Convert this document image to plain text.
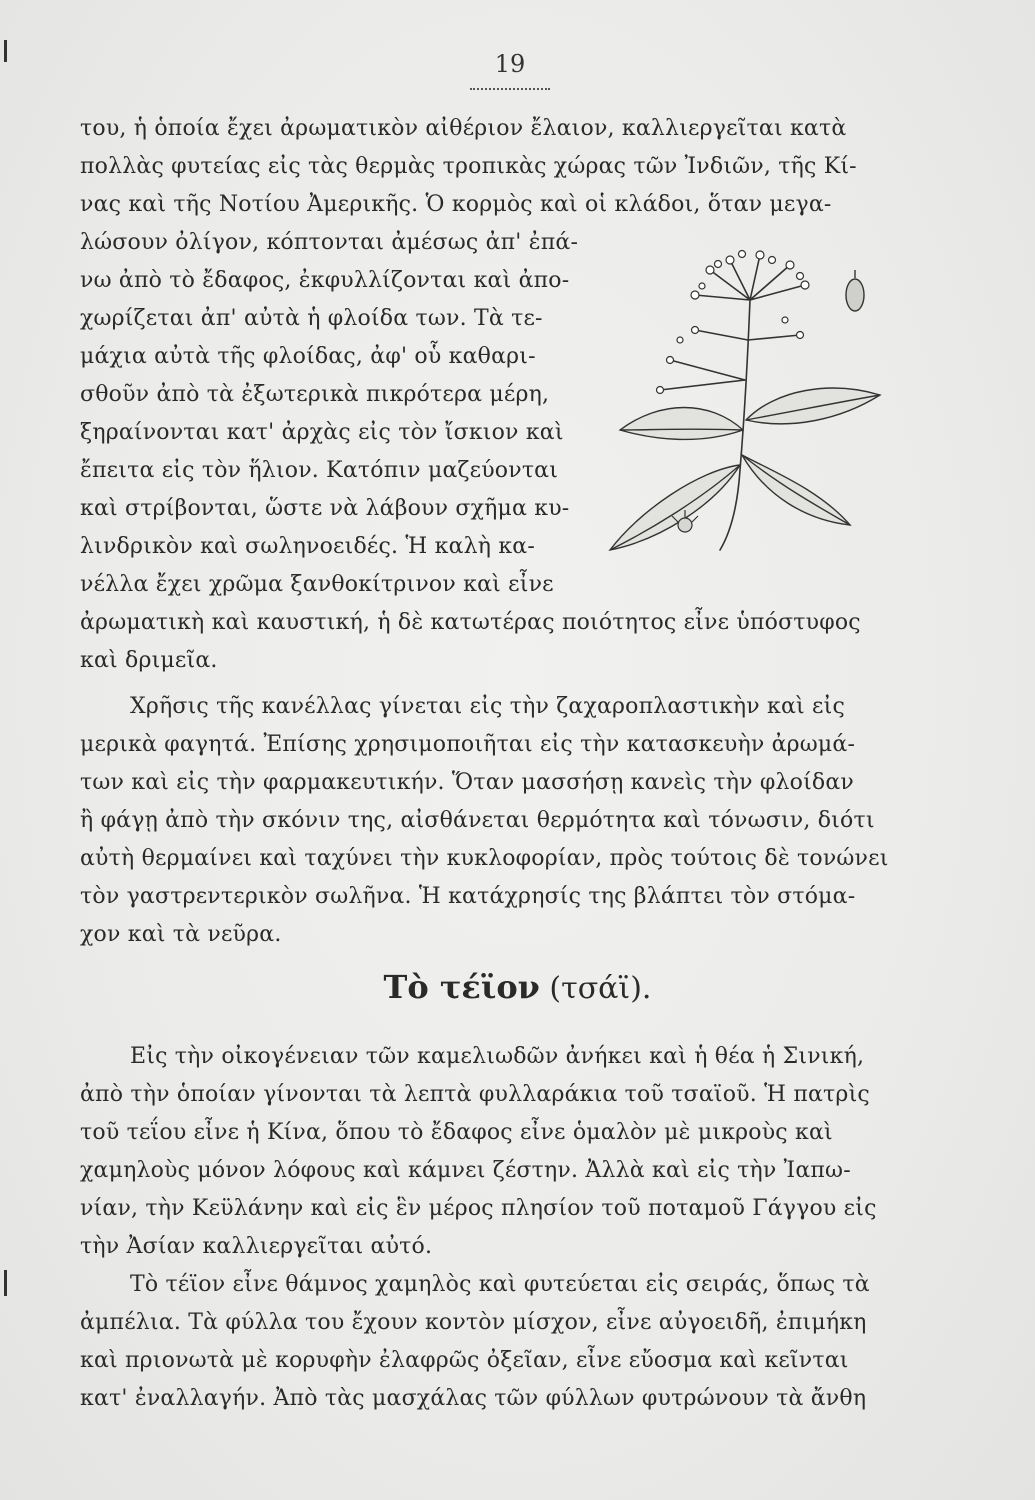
19
του, ἡ ὁποία ἔχει ἀρωματικὸν αἰθέριον ἔλαιον, καλλιεργεῖται κατὰ
πολλὰς φυτείας εἰς τὰς θερμὰς τροπικὰς χώρας τῶν Ἰνδιῶν, τῆς Κί-
νας καὶ τῆς Νοτίου Ἀμερικῆς. Ὁ κορμὸς καὶ οἱ κλάδοι, ὅταν μεγα-
λώσουν ὀλίγον, κόπτονται ἀμέσως ἀπ' ἐπά-
νω ἀπὸ τὸ ἔδαφος, ἐκφυλλίζονται καὶ ἀπο-
χωρίζεται ἀπ' αὐτὰ ἡ φλοίδα των. Τὰ τε-
μάχια αὐτὰ τῆς φλοίδας, ἀφ' οὗ καθαρι-
σθοῦν ἀπὸ τὰ ἐξωτερικὰ πικρότερα μέρη,
ξηραίνονται κατ' ἀρχὰς εἰς τὸν ἴσκιον καὶ
ἔπειτα εἰς τὸν ἥλιον. Κατόπιν μαζεύονται
καὶ στρίβονται, ὥστε νὰ λάβουν σχῆμα κυ-
λινδρικὸν καὶ σωληνοειδές. Ἡ καλὴ κα-
νέλλα ἔχει χρῶμα ξανθοκίτρινον καὶ εἶνε
ἀρωματικὴ καὶ καυστική, ἡ δὲ κατωτέρας ποιότητος εἶνε ὑπόστυφος
καὶ δριμεῖα.
Χρῆσις τῆς κανέλλας γίνεται εἰς τὴν ζαχαροπλαστικὴν καὶ εἰς
μερικὰ φαγητά. Ἐπίσης χρησιμοποιῆται εἰς τὴν κατασκευὴν ἀρωμά-
των καὶ εἰς τὴν φαρμακευτικήν. Ὅταν μασσήσῃ κανεὶς τὴν φλοίδαν
ἢ φάγῃ ἀπὸ τὴν σκόνιν της, αἰσθάνεται θερμότητα καὶ τόνωσιν, διότι
αὐτὴ θερμαίνει καὶ ταχύνει τὴν κυκλοφορίαν, πρὸς τούτοις δὲ τονώνει
τὸν γαστρεντερικὸν σωλῆνα. Ἡ κατάχρησίς της βλάπτει τὸν στόμα-
χον καὶ τὰ νεῦρα.
Τὸ τέϊον (τσάϊ).
Εἰς τὴν οἰκογένειαν τῶν καμελιωδῶν ἀνήκει καὶ ἡ θέα ἡ Σινική,
ἀπὸ τὴν ὁποίαν γίνονται τὰ λεπτὰ φυλλαράκια τοῦ τσαϊοῦ. Ἡ πατρὶς
τοῦ τεΐου εἶνε ἡ Κίνα, ὅπου τὸ ἔδαφος εἶνε ὁμαλὸν μὲ μικροὺς καὶ
χαμηλοὺς μόνον λόφους καὶ κάμνει ζέστην. Ἀλλὰ καὶ εἰς τὴν Ἰαπω-
νίαν, τὴν Κεϋλάνην καὶ εἰς ἓν μέρος πλησίον τοῦ ποταμοῦ Γάγγου εἰς
τὴν Ἀσίαν καλλιεργεῖται αὐτό.
Τὸ τέϊον εἶνε θάμνος χαμηλὸς καὶ φυτεύεται εἰς σειράς, ὅπως τὰ
ἀμπέλια. Τὰ φύλλα του ἔχουν κοντὸν μίσχον, εἶνε αὐγοειδῆ, ἐπιμήκη
καὶ πριονωτὰ μὲ κορυφὴν ἐλαφρῶς ὀξεῖαν, εἶνε εὔοσμα καὶ κεῖνται
κατ' ἐναλλαγήν. Ἀπὸ τὰς μασχάλας τῶν φύλλων φυτρώνουν τὰ ἄνθη
